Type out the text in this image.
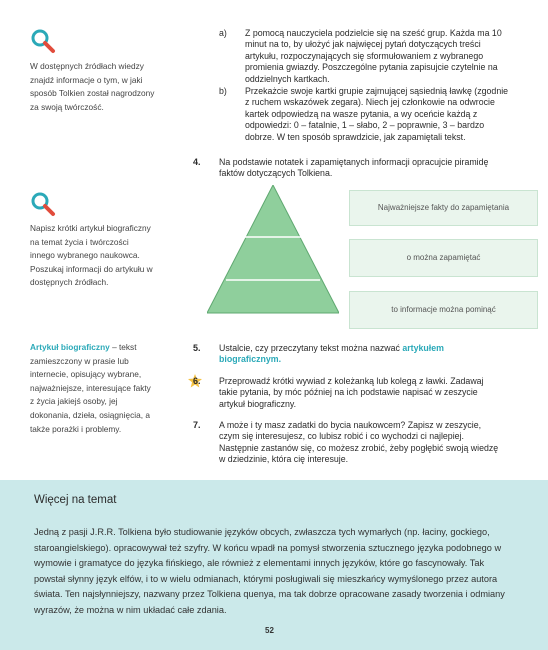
W dostępnych źródłach wiedzy znajdź informacje o tym, w jaki sposób Tolkien został nagrodzony za swoją twórczość.
Napisz krótki artykuł biograficzny na temat życia i twórczości innego wybranego naukowca. Poszukaj informacji do artykułu w dostępnych źródłach.
Artykuł biograficzny – tekst zamieszczony w prasie lub internecie, opisujący wybrane, najważniejsze, interesujące fakty z życia jakiejś osoby, jej dokonania, dzieła, osiągnięcia, a także porażki i problemy.
a)	Z pomocą nauczyciela podzielcie się na sześć grup. Każda ma 10 minut na to, by ułożyć jak najwięcej pytań dotyczących treści artykułu, rozpoczynających się sformułowaniem z wybranego promienia gwiazdy. Poszczególne pytania zapisujcie czytelnie na oddzielnych kartkach.
b)	Przekażcie swoje kartki grupie zajmującej sąsiednią ławkę (zgodnie z ruchem wskazówek zegara). Niech jej członkowie na odwrocie kartek odpowiedzą na wasze pytania, a wy oceńcie każdą z odpowiedzi: 0 – fatalnie, 1 – słabo, 2 – poprawnie, 3 – bardzo dobrze. W ten sposób sprawdzicie, jak zapamiętali tekst.
4. Na podstawie notatek i zapamiętanych informacji opracujcie piramidę faktów dotyczących Tolkiena.
Najważniejsze fakty do zapamiętania
o można zapamiętać
to informacje można pominąć
5. Ustalcie, czy przeczytany tekst można nazwać artykułem biograficznym.
6. Przeprowadź krótki wywiad z koleżanką lub kolegą z ławki. Zadawaj takie pytania, by móc później na ich podstawie napisać w zeszycie artykuł biograficzny.
7. A może i ty masz zadatki do bycia naukowcem? Zapisz w zeszycie, czym się interesujesz, co lubisz robić i co wychodzi ci najlepiej. Następnie zastanów się, co możesz zrobić, żeby pogłębić swoją wiedzę w dziedzinie, która cię interesuje.
Więcej na temat

Jedną z pasji J.R.R. Tolkiena było studiowanie języków obcych, zwłaszcza tych wymarłych (np. łaciny, gockiego, staroangielskiego). opracowywał też szyfry. W końcu wpadł na pomysł stworzenia sztucznego języka podobnego w wymowie i gramatyce do języka fińskiego, ale również z elementami innych języków, które go fascynowały. Tak powstał słynny język elfów, i to w wielu odmianach, którymi posługiwali się mieszkańcy wymyślonego przez autora świata. Ten najsłynniejszy, nazwany przez Tolkiena quenya, ma tak dobrze opracowane zasady tworzenia i odmiany wyrazów, że można w nim układać całe zdania.

52
